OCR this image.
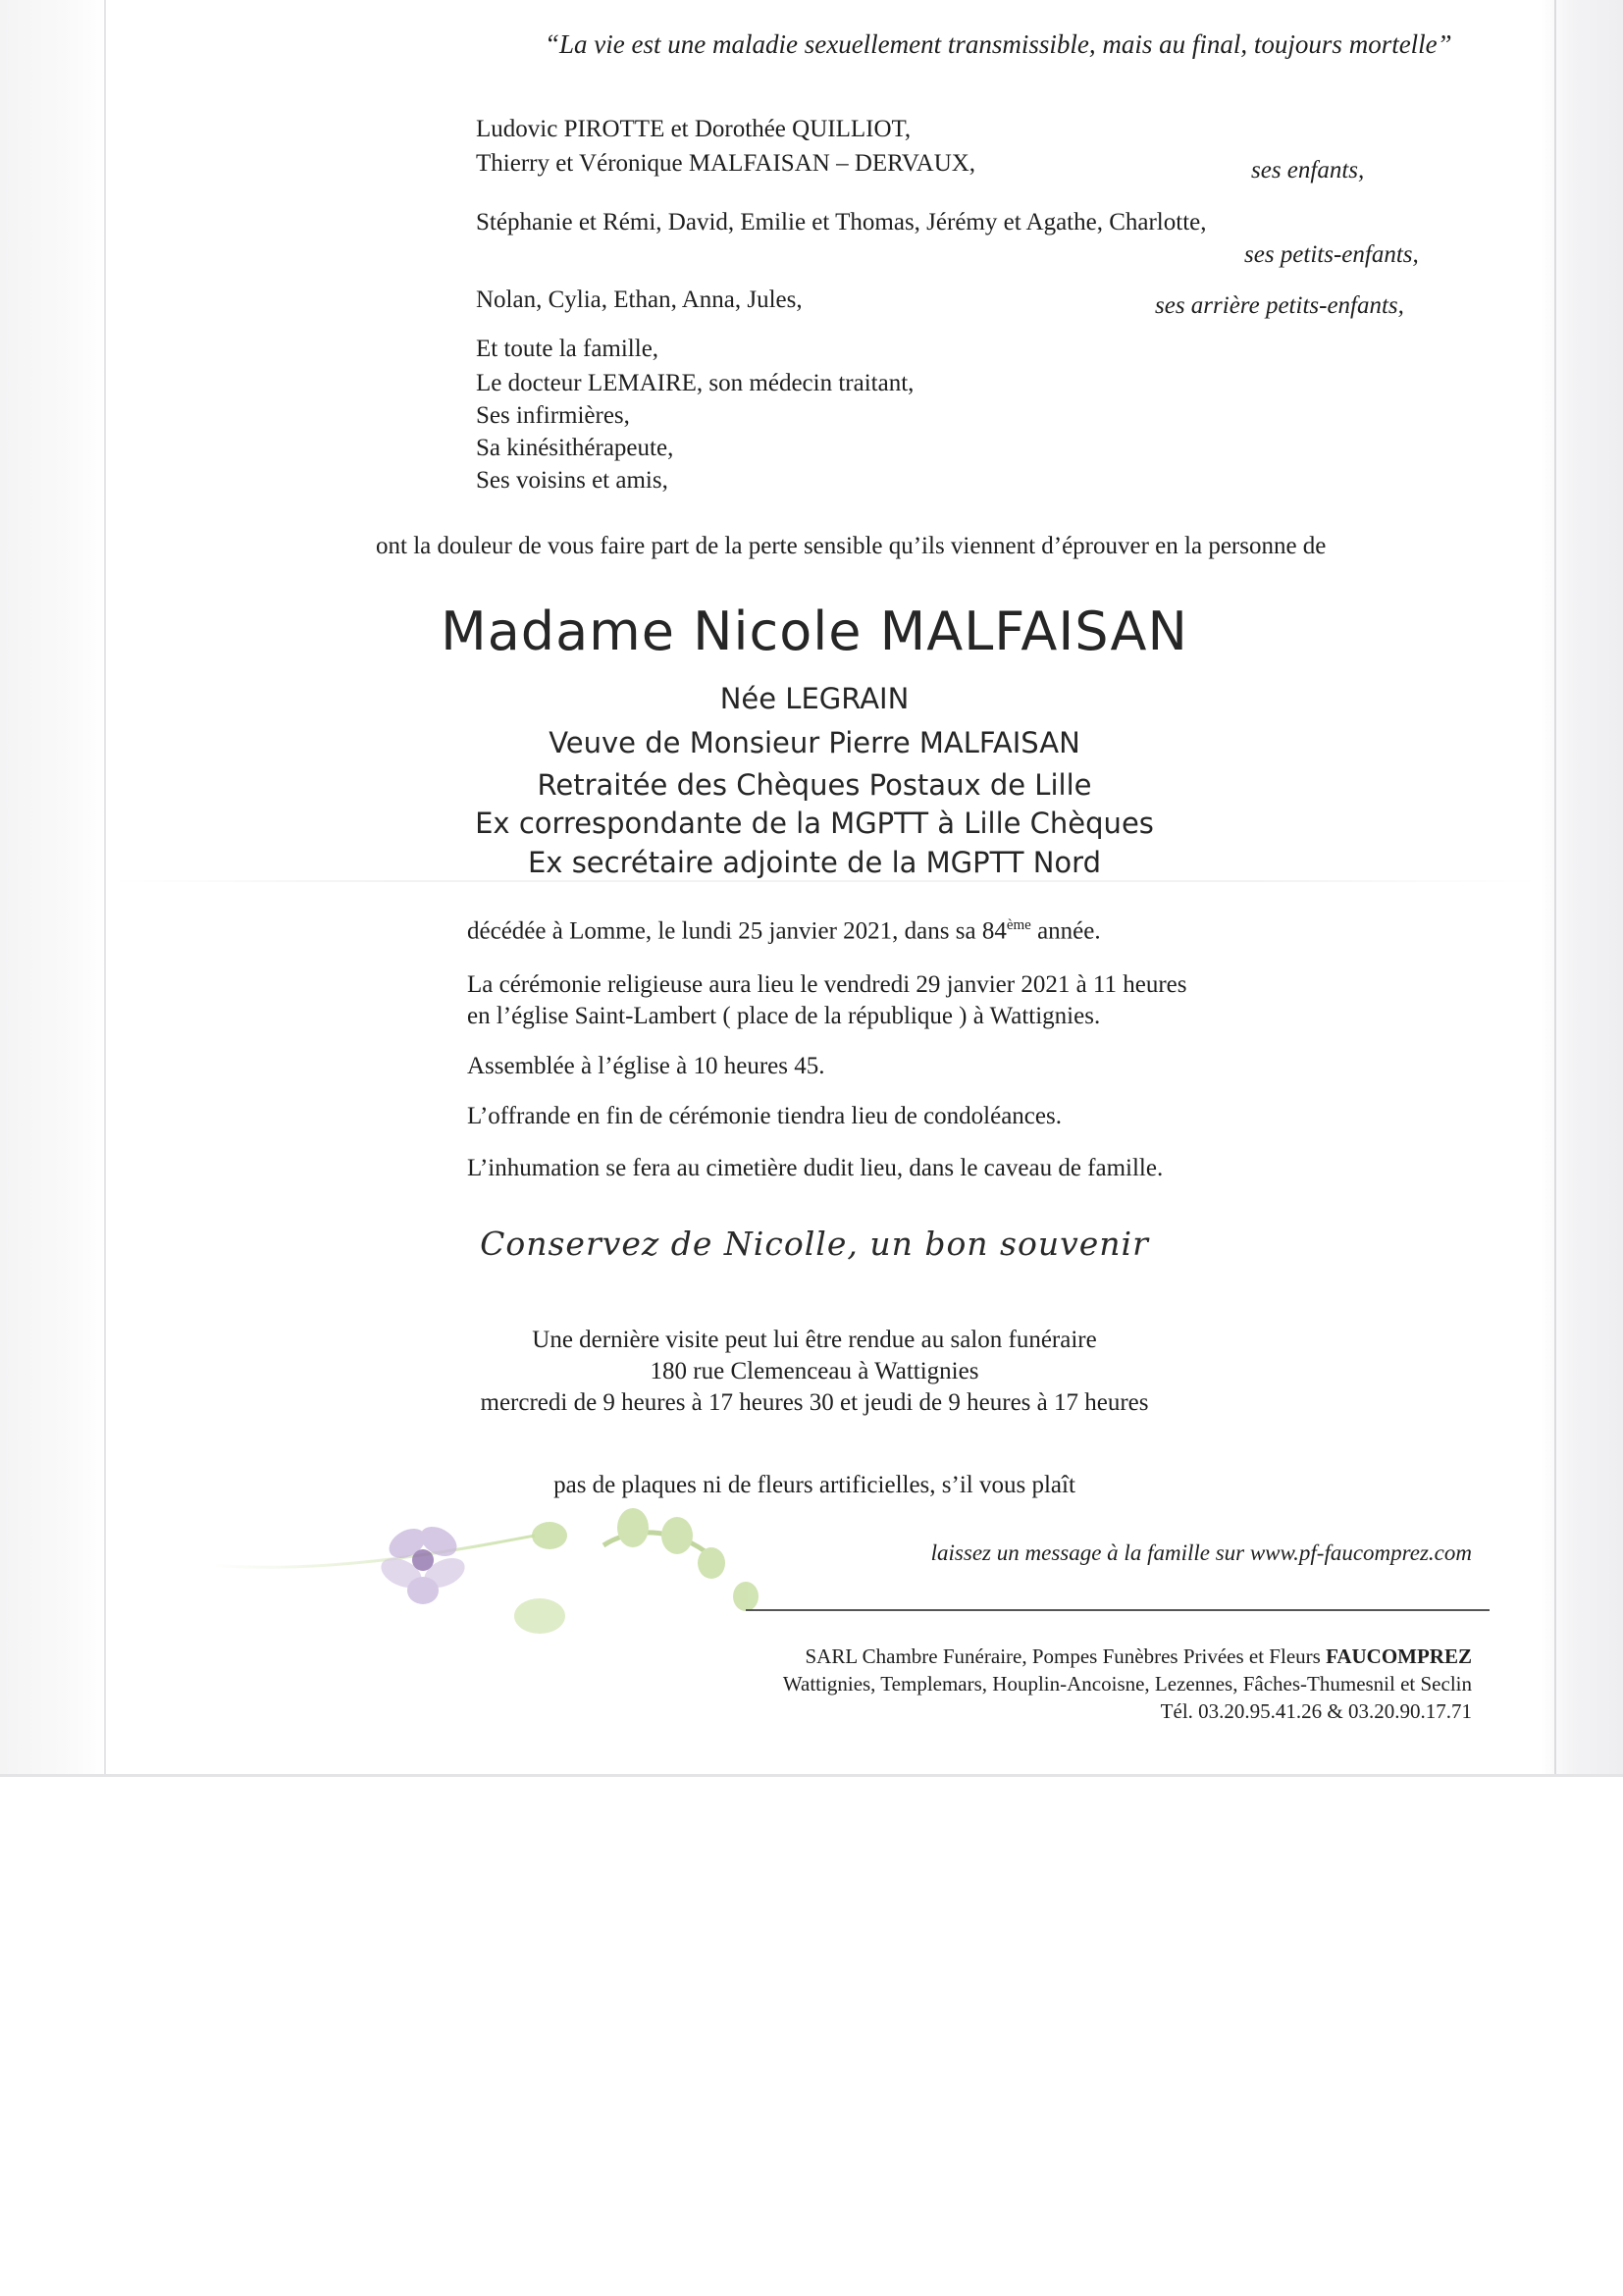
“La vie est une maladie sexuellement transmissible, mais au final, toujours mortelle”
Ludovic PIROTTE et Dorothée QUILLIOT,
Thierry et Véronique MALFAISAN – DERVAUX,	ses enfants,
Stéphanie et Rémi, David, Emilie et Thomas, Jérémy et Agathe, Charlotte,
ses petits-enfants,
Nolan, Cylia, Ethan, Anna, Jules,	ses arrière petits-enfants,
Et toute la famille,
Le docteur LEMAIRE, son médecin traitant,
Ses infirmières,
Sa kinésithérapeute,
Ses voisins et amis,
ont la douleur de vous faire part de la perte sensible qu’ils viennent d’éprouver en la personne de
Madame Nicole MALFAISAN
Née LEGRAIN
Veuve de Monsieur Pierre MALFAISAN
Retraitée des Chèques Postaux de Lille
Ex correspondante de la MGPTT à Lille Chèques
Ex secrétaire adjointe de la MGPTT Nord
décédée à Lomme, le lundi 25 janvier 2021, dans sa 84ème année.
La cérémonie religieuse aura lieu le vendredi 29 janvier 2021 à 11 heures
en l’église Saint-Lambert ( place de la république ) à Wattignies.
Assemblée à l’église à 10 heures 45.
L’offrande en fin de cérémonie tiendra lieu de condoléances.
L’inhumation se fera au cimetière dudit lieu, dans le caveau de famille.
Conservez de Nicolle, un bon souvenir
Une dernière visite peut lui être rendue au salon funéraire
180 rue Clemenceau à Wattignies
mercredi de 9 heures à 17 heures 30 et jeudi de 9 heures à 17 heures
pas de plaques ni de fleurs artificielles, s’il vous plaît
laissez un message à la famille sur www.pf-faucomprez.com
SARL Chambre Funéraire, Pompes Funèbres Privées et Fleurs FAUCOMPREZ
Wattignies, Templemars, Houplin-Ancoisne, Lezennes, Fâches-Thumesnil et Seclin
Tél. 03.20.95.41.26 & 03.20.90.17.71
